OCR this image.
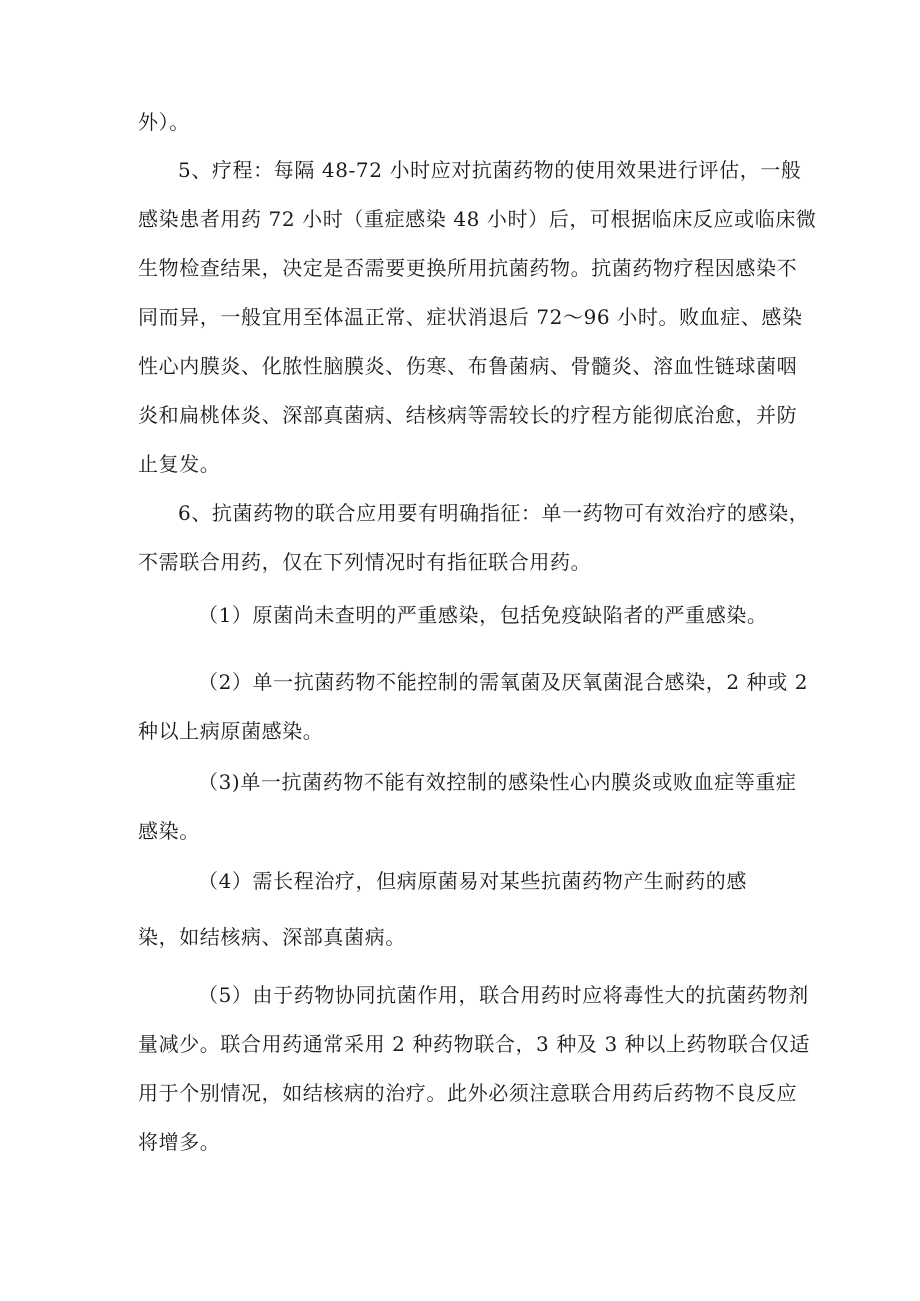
外）。
5、疗程：每隔 48-72 小时应对抗菌药物的使用效果进行评估，一般
感染患者用药 72 小时（重症感染 48 小时）后，可根据临床反应或临床微
生物检查结果，决定是否需要更换所用抗菌药物。抗菌药物疗程因感染不
同而异，一般宜用至体温正常、症状消退后 72～96 小时。败血症、感染
性心内膜炎、化脓性脑膜炎、伤寒、布鲁菌病、骨髓炎、溶血性链球菌咽
炎和扁桃体炎、深部真菌病、结核病等需较长的疗程方能彻底治愈，并防
止复发。
6、抗菌药物的联合应用要有明确指征：单一药物可有效治疗的感染，
不需联合用药，仅在下列情况时有指征联合用药。
（1）原菌尚未查明的严重感染，包括免疫缺陷者的严重感染。
（2）单一抗菌药物不能控制的需氧菌及厌氧菌混合感染，2 种或 2
种以上病原菌感染。
（3)单一抗菌药物不能有效控制的感染性心内膜炎或败血症等重症
感染。
（4）需长程治疗，但病原菌易对某些抗菌药物产生耐药的感
染，如结核病、深部真菌病。
（5）由于药物协同抗菌作用，联合用药时应将毒性大的抗菌药物剂
量减少。联合用药通常采用 2 种药物联合，3 种及 3 种以上药物联合仅适
用于个别情况，如结核病的治疗。此外必须注意联合用药后药物不良反应
将增多。
